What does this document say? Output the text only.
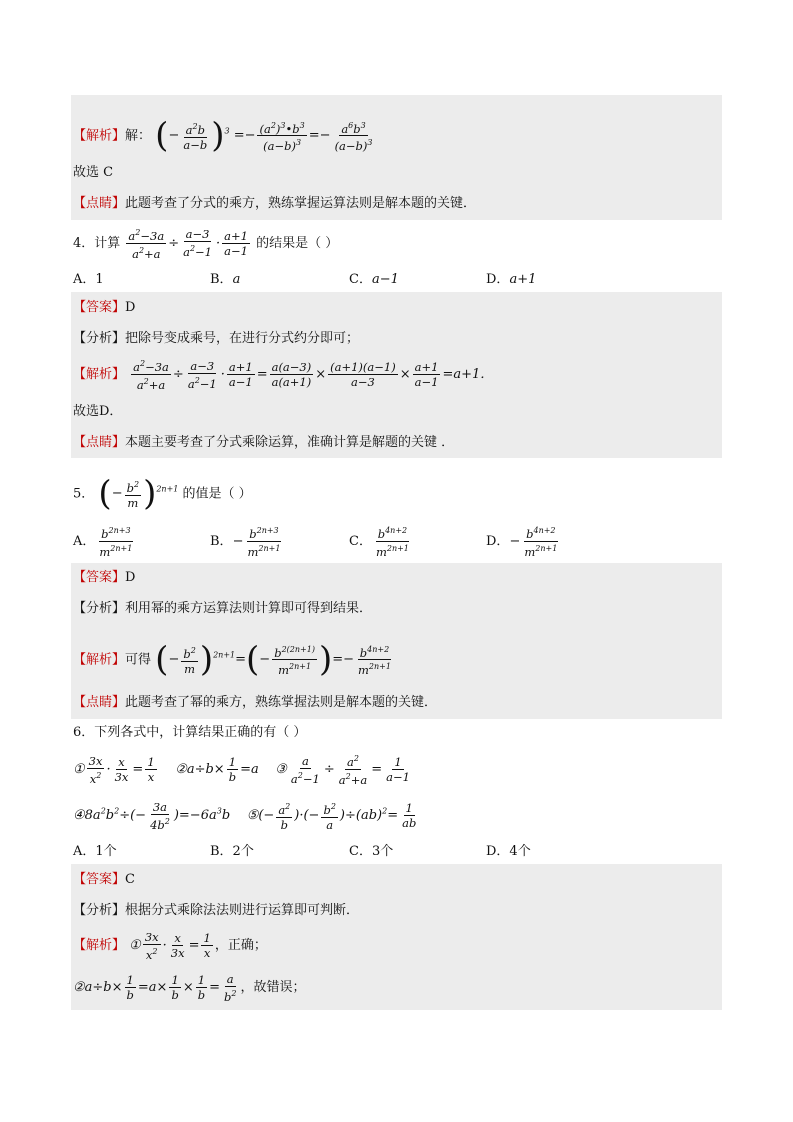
【解析】解： (− $\frac{a^2b}{a-b} )^3 =- \frac{(a^2)^3•b^3}{(a-b)^3} =- \frac{a^6b^3}{(a-b)^3}$
故选 C
【点睛】此题考查了分式的乘方，熟练掌握运算法则是解本题的关键．
4．计算 $\frac{a^2-3a}{a^2+a} \div \frac{a-3}{a^2-1} \cdot \frac{a+1}{a-1}$ 的结果是（ ）
A．1	B．a	C．a−1	D．a+1
【答案】D
【分析】把除号变成乘号，在进行分式约分即可；
【解析】 $\frac{a^2-3a}{a^2+a} \div \frac{a-3}{a^2-1} \cdot \frac{a+1}{a-1} = \frac{a(a-3)}{a(a+1)} \times \frac{(a+1)(a-1)}{a-3} \times \frac{a+1}{a-1} =a+1$．
故选D．
【点睛】本题主要考查了分式乘除运算，准确计算是解题的关键 ．
5． (− $\frac{b^2}{m} )^{2n+1}$ 的值是（ ）
A． $\frac{b^{2n+3}}{m^{2n+1}}$	B．− $\frac{b^{2n+3}}{m^{2n+1}}$	C． $\frac{b^{4n+2}}{m^{2n+1}}$	D．− $\frac{b^{4n+2}}{m^{2n+1}}$
【答案】D
【分析】利用幂的乘方运算法则计算即可得到结果．
【解析】可得 (− $\frac{b^2}{m} )^{2n+1}=(- \frac{b^{2(2n+1)}}{m^{2n+1}}$ )=− $\frac{b^{4n+2}}{m^{2n+1}}$
【点睛】此题考查了幂的乘方，熟练掌握法则是解本题的关键．
6．下列各式中，计算结果正确的有（ ）
① $\frac{3x}{x^2} \cdot \frac{x}{3x} = \frac{1}{x}$ ②a÷b× $\frac{1}{b} =a$ ③ $\frac{a}{a^2-1} \div \frac{a^2}{a^2+a} = \frac{1}{a-1}$
$④8a^2b^2\div(- \frac{3a}{4b^2} )=-6a^3b$ ⑤(− $\frac{a^2}{b}$ )·(− $\frac{b^2}{a} )\div(ab)^2= \frac{1}{ab}$
A．1个	B．2个	C．3个	D．4个
【答案】C
【分析】根据分式乘除法法则进行运算即可判断．
【解析】 ① $\frac{3x}{x^2} \cdot \frac{x}{3x} = \frac{1}{x}$ ，正确；
②a÷b× $\frac{1}{b} =a\times \frac{1}{b} \times \frac{1}{b} = \frac{a}{b^2}$ ，故错误；
